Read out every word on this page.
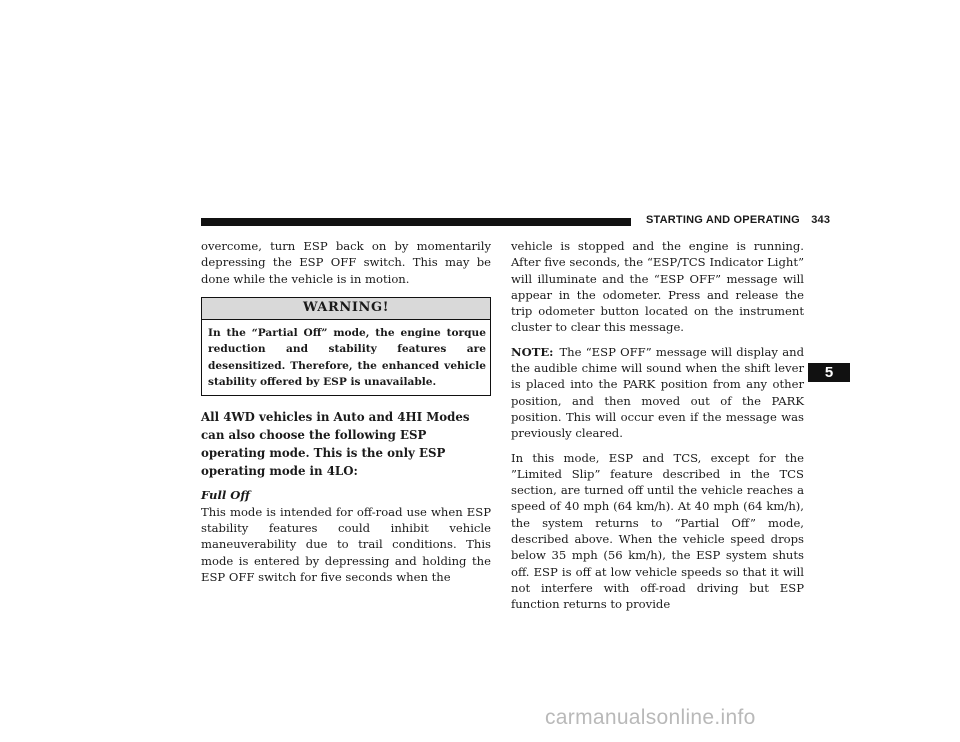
STARTING AND OPERATING 343

overcome, turn ESP back on by momentarily depressing the ESP OFF switch. This may be done while the vehicle is in motion.

WARNING!
In the “Partial Off” mode, the engine torque reduction and stability features are desensitized. Therefore, the enhanced vehicle stability offered by ESP is unavailable.
All 4WD vehicles in Auto and 4HI Modes can also choose the following ESP operating mode. This is the only ESP operating mode in 4LO:

Full Off

This mode is intended for off-road use when ESP stability features could inhibit vehicle maneuverability due to trail conditions. This mode is entered by depressing and holding the ESP OFF switch for five seconds when the

vehicle is stopped and the engine is running. After five seconds, the “ESP/TCS Indicator Light” will illuminate and the “ESP OFF” message will appear in the odometer. Press and release the trip odometer button located on the instrument cluster to clear this message.

NOTE: The “ESP OFF” message will display and the audible chime will sound when the shift lever is placed into the PARK position from any other position, and then moved out of the PARK position. This will occur even if the message was previously cleared.

In this mode, ESP and TCS, except for the ”Limited Slip” feature described in the TCS section, are turned off until the vehicle reaches a speed of 40 mph (64 km/h). At 40 mph (64 km/h), the system returns to “Partial Off” mode, described above. When the vehicle speed drops below 35 mph (56 km/h), the ESP system shuts off. ESP is off at low vehicle speeds so that it will not interfere with off-road driving but ESP function returns to provide

5
carmanualsonline.info
